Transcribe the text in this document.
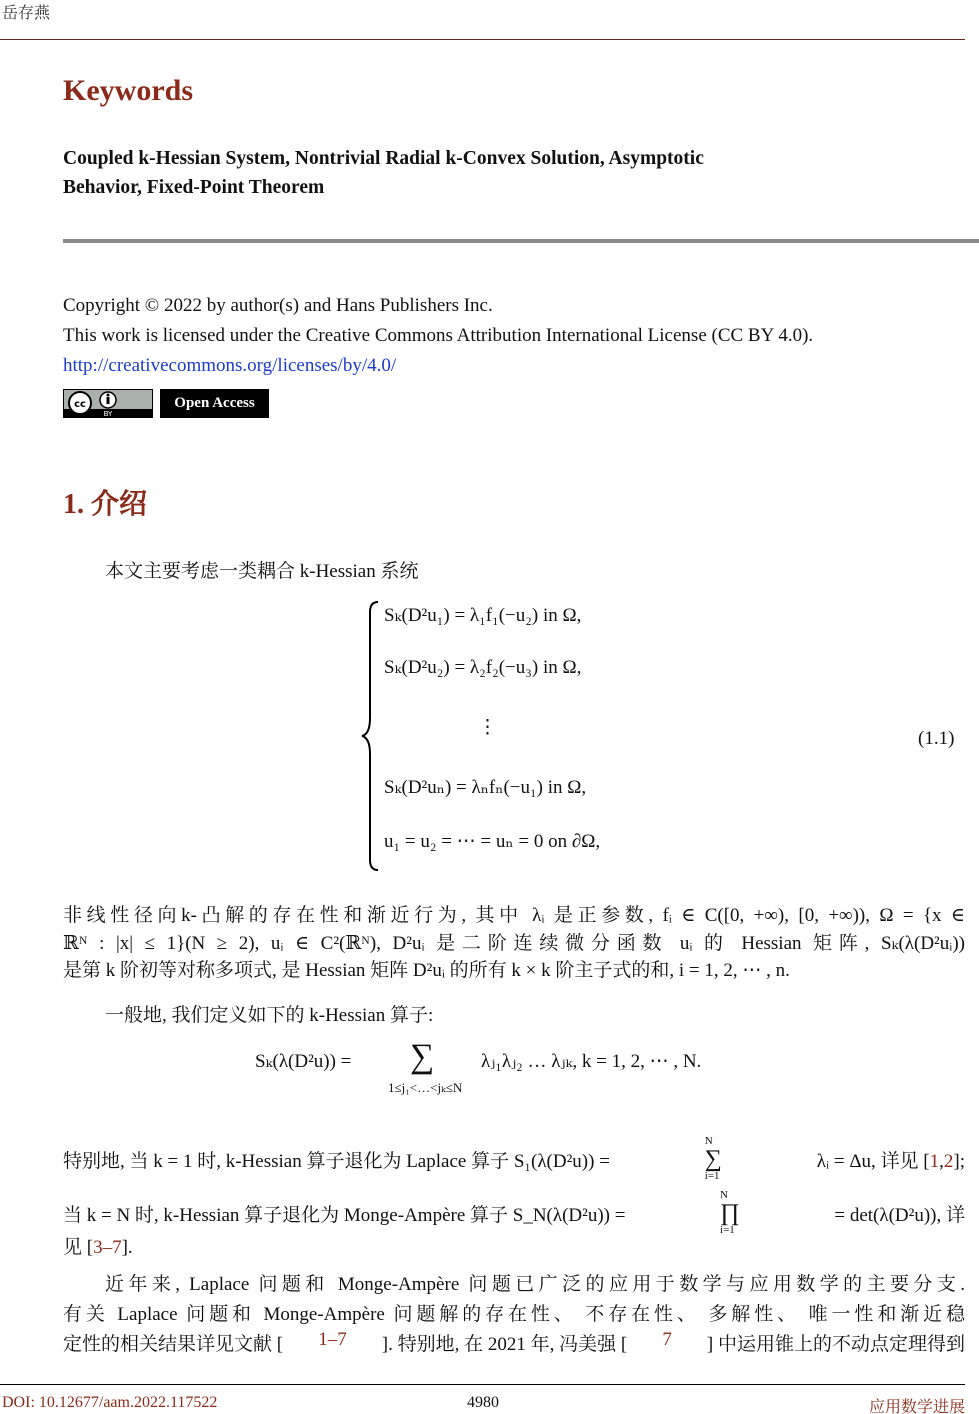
岳存燕
Keywords
Coupled k-Hessian System, Nontrivial Radial k-Convex Solution, Asymptotic
Behavior, Fixed-Point Theorem
Copyright © 2022 by author(s) and Hans Publishers Inc.
This work is licensed under the Creative Commons Attribution International License (CC BY 4.0).
http://creativecommons.org/licenses/by/4.0/
cc
BY
Open Access
1. 介绍
本文主要考虑一类耦合 k-Hessian 系统
Sₖ(D²u₁) = λ₁f₁(−u₂) in Ω,
Sₖ(D²u₂) = λ₂f₂(−u₃) in Ω,
⋮
Sₖ(D²uₙ) = λₙfₙ(−u₁) in Ω,
u₁ = u₂ = ⋯ = uₙ = 0 on ∂Ω,
(1.1)
非线性径向k-凸解的存在性和渐近行为, 其中 λᵢ 是正参数, fᵢ ∈ C([0, +∞), [0, +∞)), Ω = {x ∈
ℝᴺ : |x| ≤ 1}(N ≥ 2), uᵢ ∈ C²(ℝᴺ), D²uᵢ 是二阶连续微分函数 uᵢ 的 Hessian 矩阵, Sₖ(λ(D²uᵢ))
是第 k 阶初等对称多项式, 是 Hessian 矩阵 D²uᵢ 的所有 k × k 阶主子式的和, i = 1, 2, ⋯ , n.
一般地, 我们定义如下的 k-Hessian 算子:
Sₖ(λ(D²u)) = ∑
1≤j₁<…<jₖ≤N
λⱼ₁λⱼ₂ … λⱼₖ, k = 1, 2, ⋯ , N.
特别地, 当 k = 1 时, k-Hessian 算子退化为 Laplace 算子 S₁(λ(D²u)) =
N
∑
i=1
λᵢ = Δu, 详见 [1,2];
当 k = N 时, k-Hessian 算子退化为 Monge-Ampère 算子 S_N(λ(D²u)) =
N
∏
i=1
= det(λ(D²u)), 详
见 [3–7].
近年来, Laplace 问题和 Monge-Ampère 问题已广泛的应用于数学与应用数学的主要分支.
有关 Laplace 问题和 Monge-Ampère 问题解的存在性、 不存在性、 多解性、 唯一性和渐近稳
定性的相关结果详见文献 [ 1–7 ]. 特别地, 在 2021 年, 冯美强 [ 7 ] 中运用锥上的不动点定理得到
DOI: 10.12677/aam.2022.117522	4980	应用数学进展
